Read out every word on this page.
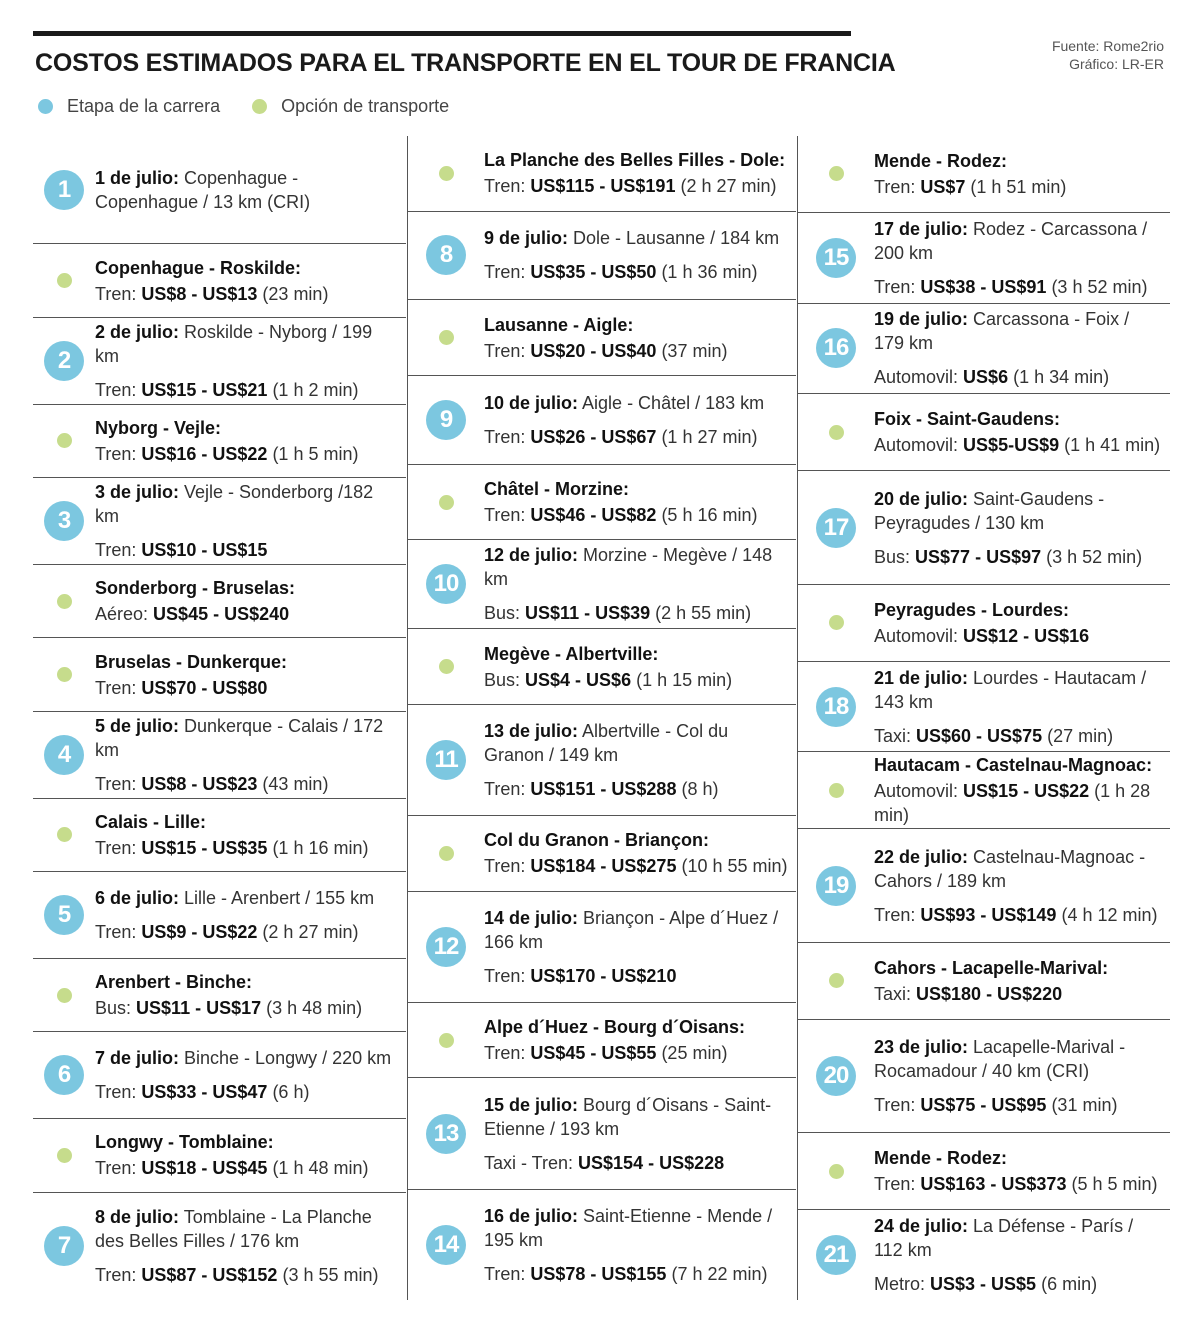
COSTOS ESTIMADOS PARA EL TRANSPORTE EN EL TOUR DE FRANCIA
Fuente: Rome2rio
Gráfico: LR-ER
Etapa de la carrera	Opción de transporte
1	1 de julio: Copenhague - Copenhague / 13 km (CRI)
Copenhague - Roskilde:
Tren: US$8 - US$13 (23 min)
2
2 de julio: Roskilde - Nyborg / 199 km
Tren: US$15 - US$21 (1 h 2 min)
Nyborg - Vejle:
Tren: US$16 - US$22 (1 h 5 min)
3
3 de julio: Vejle - Sonderborg /182 km
Tren: US$10 - US$15
Sonderborg - Bruselas:
Aéreo: US$45 - US$240
Bruselas - Dunkerque:
Tren: US$70 - US$80
4
5 de julio: Dunkerque - Calais / 172 km
Tren: US$8 - US$23 (43 min)
Calais - Lille:
Tren: US$15 - US$35 (1 h 16 min)
5
6 de julio: Lille - Arenbert / 155 km
Tren: US$9 - US$22 (2 h 27 min)
Arenbert - Binche:
Bus: US$11 - US$17 (3 h 48 min)
6
7 de julio: Binche - Longwy / 220 km
Tren: US$33 - US$47 (6 h)
Longwy - Tomblaine:
Tren: US$18 - US$45 (1 h 48 min)
7
8 de julio: Tomblaine - La Planche des Belles Filles / 176 km
Tren: US$87 - US$152 (3 h 55 min)
La Planche des Belles Filles - Dole:
Tren: US$115 - US$191 (2 h 27 min)
8
9 de julio: Dole - Lausanne / 184 km
Tren: US$35 - US$50 (1 h 36 min)
Lausanne - Aigle:
Tren: US$20 - US$40 (37 min)
9
10 de julio: Aigle - Châtel / 183 km
Tren: US$26 - US$67 (1 h 27 min)
Châtel - Morzine:
Tren: US$46 - US$82 (5 h 16 min)
10
12 de julio: Morzine - Megève / 148 km
Bus: US$11 - US$39 (2 h 55 min)
Megève - Albertville:
Bus: US$4 - US$6 (1 h 15 min)
11
13 de julio: Albertville - Col du Granon / 149 km
Tren: US$151 - US$288 (8 h)
Col du Granon - Briançon:
Tren: US$184 - US$275 (10 h 55 min)
12
14 de julio: Briançon - Alpe d´Huez / 166 km
Tren: US$170 - US$210
Alpe d´Huez - Bourg d´Oisans:
Tren: US$45 - US$55 (25 min)
13
15 de julio: Bourg d´Oisans - Saint-Etienne / 193 km
Taxi - Tren: US$154 - US$228
14
16 de julio: Saint-Etienne - Mende / 195 km
Tren: US$78 - US$155 (7 h 22 min)
Mende - Rodez:
Tren: US$7 (1 h 51 min)
15
17 de julio: Rodez - Carcassona / 200 km
Tren: US$38 - US$91 (3 h 52 min)
16
19 de julio: Carcassona - Foix / 179 km
Automovil: US$6 (1 h 34 min)
Foix - Saint-Gaudens:
Automovil: US$5-US$9 (1 h 41 min)
17
20 de julio: Saint-Gaudens - Peyragudes / 130 km
Bus: US$77 - US$97 (3 h 52 min)
Peyragudes - Lourdes:
Automovil: US$12 - US$16
18
21 de julio: Lourdes - Hautacam / 143 km
Taxi: US$60 - US$75 (27 min)
Hautacam - Castelnau-Magnoac:
Automovil: US$15 - US$22 (1 h 28 min)
19
22 de julio: Castelnau-Magnoac - Cahors / 189 km
Tren: US$93 - US$149 (4 h 12 min)
Cahors - Lacapelle-Marival:
Taxi: US$180 - US$220
20
23 de julio: Lacapelle-Marival - Rocamadour / 40 km (CRI)
Tren: US$75 - US$95 (31 min)
Mende - Rodez:
Tren: US$163 - US$373 (5 h 5 min)
21
24 de julio: La Défense - París / 112 km
Metro: US$3 - US$5 (6 min)
